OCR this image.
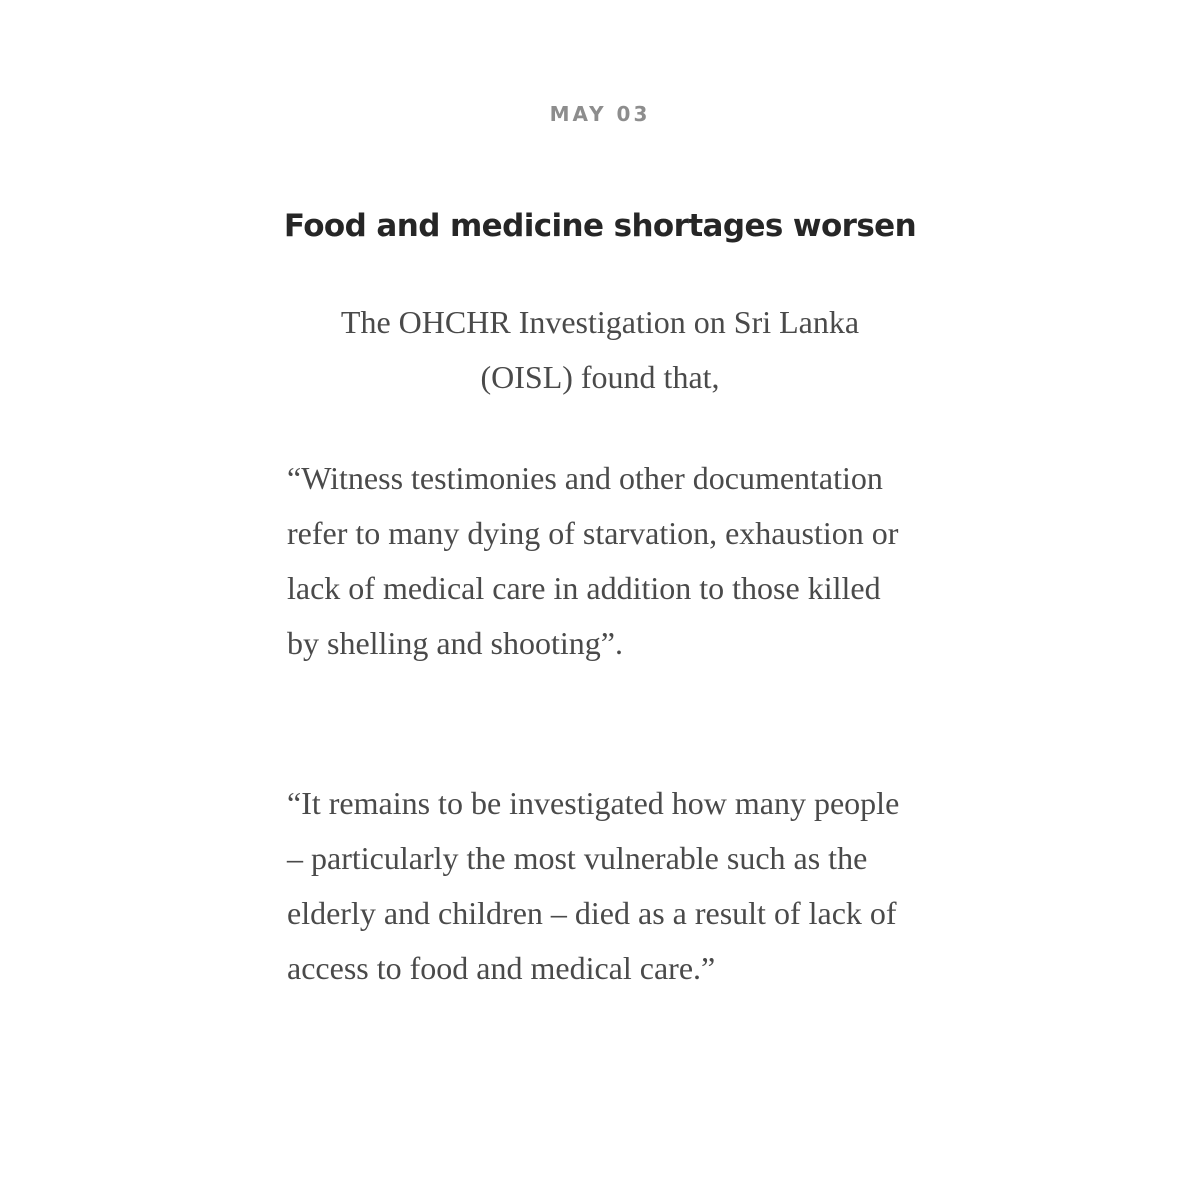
MAY 03
Food and medicine shortages worsen
The OHCHR Investigation on Sri Lanka (OISL) found that,
“Witness testimonies and other documentation refer to many dying of starvation, exhaustion or lack of medical care in addition to those killed by shelling and shooting”.
“It remains to be investigated how many people – particularly the most vulnerable such as the elderly and children – died as a result of lack of access to food and medical care.”
